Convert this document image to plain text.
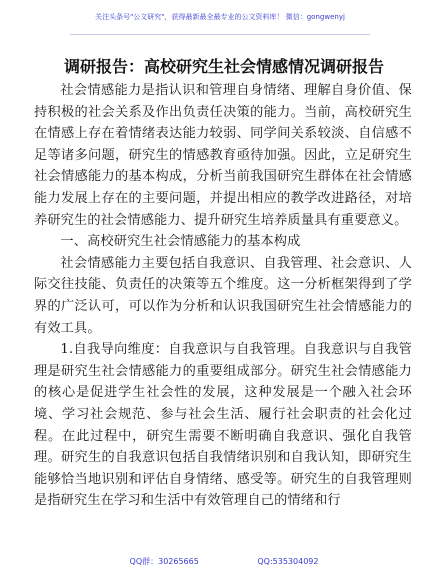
关注头条号"公文研究"，获得最新最全最专业的公文资料库！ 微信：gongwenyj
调研报告：高校研究生社会情感情况调研报告

社会情感能力是指认识和管理自身情绪、理解自身价值、保持积极的社会关系及作出负责任决策的能力。当前，高校研究生在情感上存在着情绪表达能力较弱、同学间关系较淡、自信感不足等诸多问题，研究生的情感教育亟待加强。因此，立足研究生社会情感能力的基本构成，分析当前我国研究生群体在社会情感能力发展上存在的主要问题，并提出相应的教学改进路径，对培养研究生的社会情感能力、提升研究生培养质量具有重要意义。

一、高校研究生社会情感能力的基本构成

社会情感能力主要包括自我意识、自我管理、社会意识、人际交往技能、负责任的决策等五个维度。这一分析框架得到了学界的广泛认可，可以作为分析和认识我国研究生社会情感能力的有效工具。

1.自我导向维度：自我意识与自我管理。自我意识与自我管理是研究生社会情感能力的重要组成部分。研究生社会情感能力的核心是促进学生社会性的发展，这种发展是一个融入社会环境、学习社会规范、参与社会生活、履行社会职责的社会化过程。在此过程中，研究生需要不断明确自我意识、强化自我管理。研究生的自我意识包括自我情绪识别和自我认知，即研究生能够恰当地识别和评估自身情绪、感受等。研究生的自我管理则是指研究生在学习和生活中有效管理自己的情绪和行

QQ群：30265665	QQ:535304092
